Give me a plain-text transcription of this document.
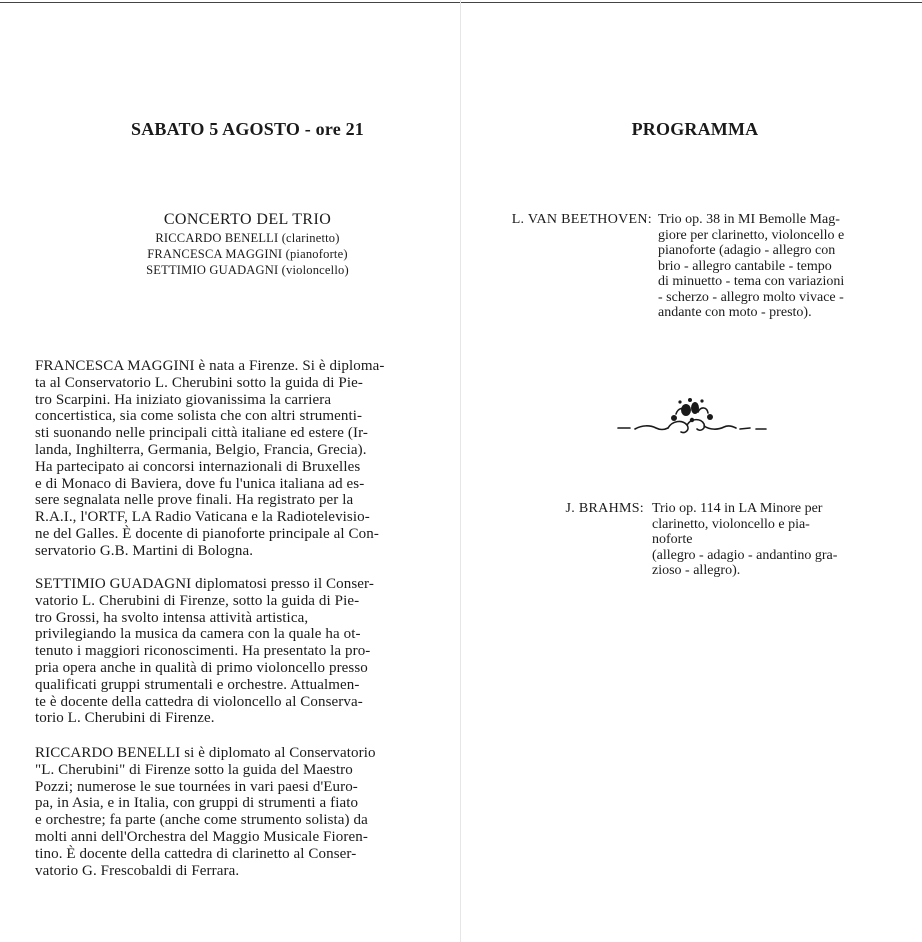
SABATO 5 AGOSTO - ore 21
CONCERTO DEL TRIO
RICCARDO BENELLI (clarinetto)
FRANCESCA MAGGINI (pianoforte)
SETTIMIO GUADAGNI (violoncello)
FRANCESCA MAGGINI è nata a Firenze. Si è diploma-
ta al Conservatorio L. Cherubini sotto la guida di Pie-
tro Scarpini. Ha iniziato giovanissima la carriera
concertistica, sia come solista che con altri strumenti-
sti suonando nelle principali città italiane ed estere (Ir-
landa, Inghilterra, Germania, Belgio, Francia, Grecia).
Ha partecipato ai concorsi internazionali di Bruxelles
e di Monaco di Baviera, dove fu l'unica italiana ad es-
sere segnalata nelle prove finali. Ha registrato per la
R.A.I., l'ORTF, LA Radio Vaticana e la Radiotelevisio-
ne del Galles. È docente di pianoforte principale al Con-
servatorio G.B. Martini di Bologna.
SETTIMIO GUADAGNI diplomatosi presso il Conser-
vatorio L. Cherubini di Firenze, sotto la guida di Pie-
tro Grossi, ha svolto intensa attività artistica,
privilegiando la musica da camera con la quale ha ot-
tenuto i maggiori riconoscimenti. Ha presentato la pro-
pria opera anche in qualità di primo violoncello presso
qualificati gruppi strumentali e orchestre. Attualmen-
te è docente della cattedra di violoncello al Conserva-
torio L. Cherubini di Firenze.
RICCARDO BENELLI si è diplomato al Conservatorio
"L. Cherubini" di Firenze sotto la guida del Maestro
Pozzi; numerose le sue tournées in vari paesi d'Euro-
pa, in Asia, e in Italia, con gruppi di strumenti a fiato
e orchestre; fa parte (anche come strumento solista) da
molti anni dell'Orchestra del Maggio Musicale Fioren-
tino. È docente della cattedra di clarinetto al Conser-
vatorio G. Frescobaldi di Ferrara.
PROGRAMMA
L. VAN BEETHOVEN: Trio op. 38 in MI Bemolle Mag-
giore per clarinetto, violoncello e
pianoforte (adagio - allegro con
brio - allegro cantabile - tempo
di minuetto - tema con variazioni
- scherzo - allegro molto vivace -
andante con moto - presto).
J. BRAHMS: Trio op. 114 in LA Minore per
clarinetto, violoncello e pia-
noforte
(allegro - adagio - andantino gra-
zioso - allegro).
